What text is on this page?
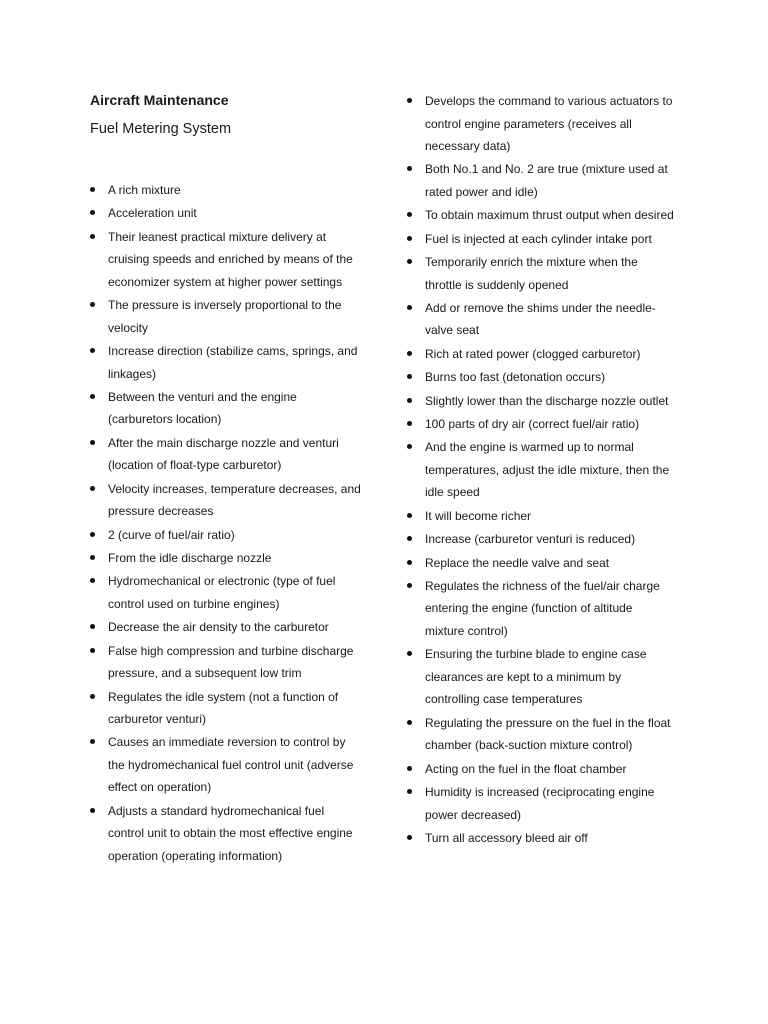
Aircraft Maintenance
Fuel Metering System
A rich mixture
Acceleration unit
Their leanest practical mixture delivery at cruising speeds and enriched by means of the economizer system at higher power settings
The pressure is inversely proportional to the velocity
Increase direction (stabilize cams, springs, and linkages)
Between the venturi and the engine (carburetors location)
After the main discharge nozzle and venturi (location of float-type carburetor)
Velocity increases, temperature decreases, and pressure decreases
2 (curve of fuel/air ratio)
From the idle discharge nozzle
Hydromechanical or electronic (type of fuel control used on turbine engines)
Decrease the air density to the carburetor
False high compression and turbine discharge pressure, and a subsequent low trim
Regulates the idle system (not a function of carburetor venturi)
Causes an immediate reversion to control by the hydromechanical fuel control unit (adverse effect on operation)
Adjusts a standard hydromechanical fuel control unit to obtain the most effective engine operation (operating information)
Develops the command to various actuators to control engine parameters (receives all necessary data)
Both No.1 and No. 2 are true (mixture used at rated power and idle)
To obtain maximum thrust output when desired
Fuel is injected at each cylinder intake port
Temporarily enrich the mixture when the throttle is suddenly opened
Add or remove the shims under the needle-valve seat
Rich at rated power (clogged carburetor)
Burns too fast (detonation occurs)
Slightly lower than the discharge nozzle outlet
100 parts of dry air (correct fuel/air ratio)
And the engine is warmed up to normal temperatures, adjust the idle mixture, then the idle speed
It will become richer
Increase (carburetor venturi is reduced)
Replace the needle valve and seat
Regulates the richness of the fuel/air charge entering the engine (function of altitude mixture control)
Ensuring the turbine blade to engine case clearances are kept to a minimum by controlling case temperatures
Regulating the pressure on the fuel in the float chamber (back-suction mixture control)
Acting on the fuel in the float chamber
Humidity is increased (reciprocating engine power decreased)
Turn all accessory bleed air off
